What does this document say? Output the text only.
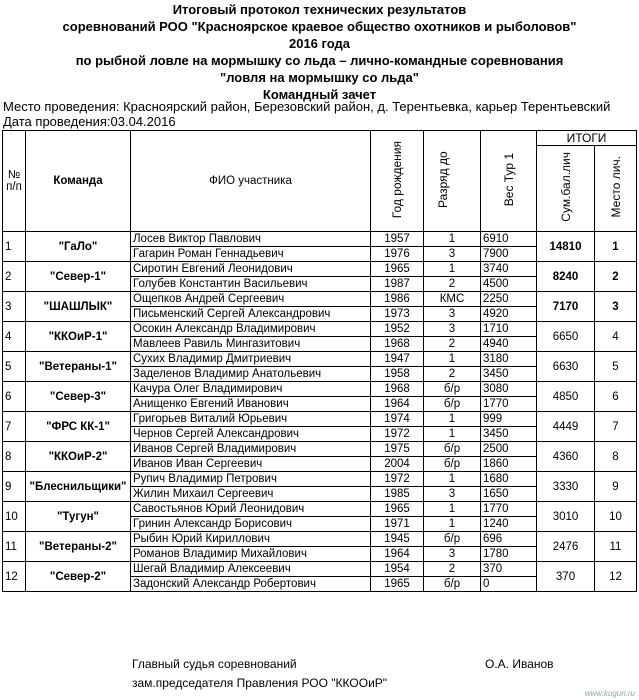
Итоговый протокол технических результатов
соревнований РОО "Красноярское краевое общество охотников и рыболовов"
2016 года
по рыбной ловле на мормышку со льда – лично-командные соревнования
"ловля на мормышку со льда"
Командный зачет
Место проведения: Красноярский район, Березовский район, д. Терентьевка, карьер Терентьевский
Дата проведения:03.04.2016
№ п/п	Команда	ФИО участника	Год рождения	Разряд до	Вес Тур 1	ИТОГИ	
						Сум.бал.лич	Место лич.
1	"ГаЛо"	Лосев Виктор Павлович	1957	1	6910	14810	1
		Гагарин Роман Геннадьевич	1976	3	7900		
2	"Север-1"	Сиротин Евгений Леонидович	1965	1	3740	8240	2
		Голубев Константин Васильевич	1987	2	4500		
3	"ШАШЛЫК"	Ощепков Андрей Сергеевич	1986	КМС	2250	7170	3
		Письменский Сергей Александрович	1973	3	4920		
4	"ККОиР-1"	Осокин Александр Владимирович	1952	3	1710	6650	4
		Мавлеев Равиль Мингазитович	1968	2	4940		
5	"Ветераны-1"	Сухих Владимир Дмитриевич	1947	1	3180	6630	5
		Заделенов Владимир Анатольевич	1958	2	3450		
6	"Север-3"	Качура Олег Владимирович	1968	б/р	3080	4850	6
		Анищенко Евгений Иванович	1964	б/р	1770		
7	"ФРС КК-1"	Григорьев Виталий Юрьевич	1974	1	999	4449	7
		Чернов Сергей Александрович	1972	1	3450		
8	"ККОиР-2"	Иванов Сергей Владимирович	1975	б/р	2500	4360	8
		Иванов Иван Сергеевич	2004	б/р	1860		
9	"Блеснильщики"	Рупич Владимир Петрович	1972	1	1680	3330	9
		Жилин Михаил Сергеевич	1985	3	1650		
10	"Тугун"	Савостьянов Юрий Леонидович	1965	1	1770	3010	10
		Гринин Александр Борисович	1971	1	1240		
11	"Ветераны-2"	Рыбин Юрий Кириллович	1945	б/р	696	2476	11
		Романов Владимир Михайлович	1964	3	1780		
12	"Север-2"	Шегай Владимир Алексеевич	1954	2	370	370	12
		Задонский Александр Робертович	1965	б/р	0		
Главный судья соревнований
зам.председателя Правления РОО "ККООиР"
О.А. Иванов
www.kugun.ru
